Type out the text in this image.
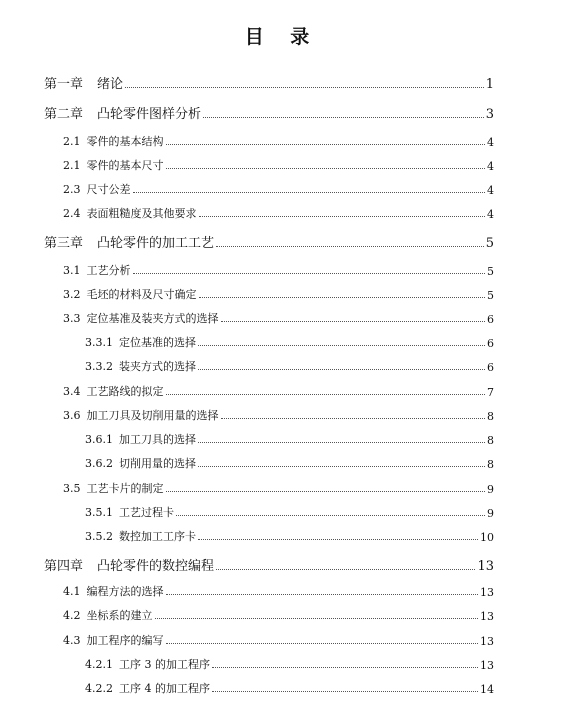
目 录
第一章 绪论	1
第二章 凸轮零件图样分析	3
2.1 零件的基本结构	4
2.1 零件的基本尺寸	4
2.3 尺寸公差	4
2.4 表面粗糙度及其他要求	4
第三章 凸轮零件的加工工艺	5
3.1 工艺分析	5
3.2 毛坯的材料及尺寸确定	5
3.3 定位基准及装夹方式的选择	6
3.3.1 定位基准的选择	6
3.3.2 装夹方式的选择	6
3.4 工艺路线的拟定	7
3.6 加工刀具及切削用量的选择	8
3.6.1 加工刀具的选择	8
3.6.2 切削用量的选择	8
3.5 工艺卡片的制定	9
3.5.1 工艺过程卡	9
3.5.2 数控加工工序卡	10
第四章 凸轮零件的数控编程	13
4.1 编程方法的选择	13
4.2 坐标系的建立	13
4.3 加工程序的编写	13
4.2.1 工序 3 的加工程序	13
4.2.2 工序 4 的加工程序	14
